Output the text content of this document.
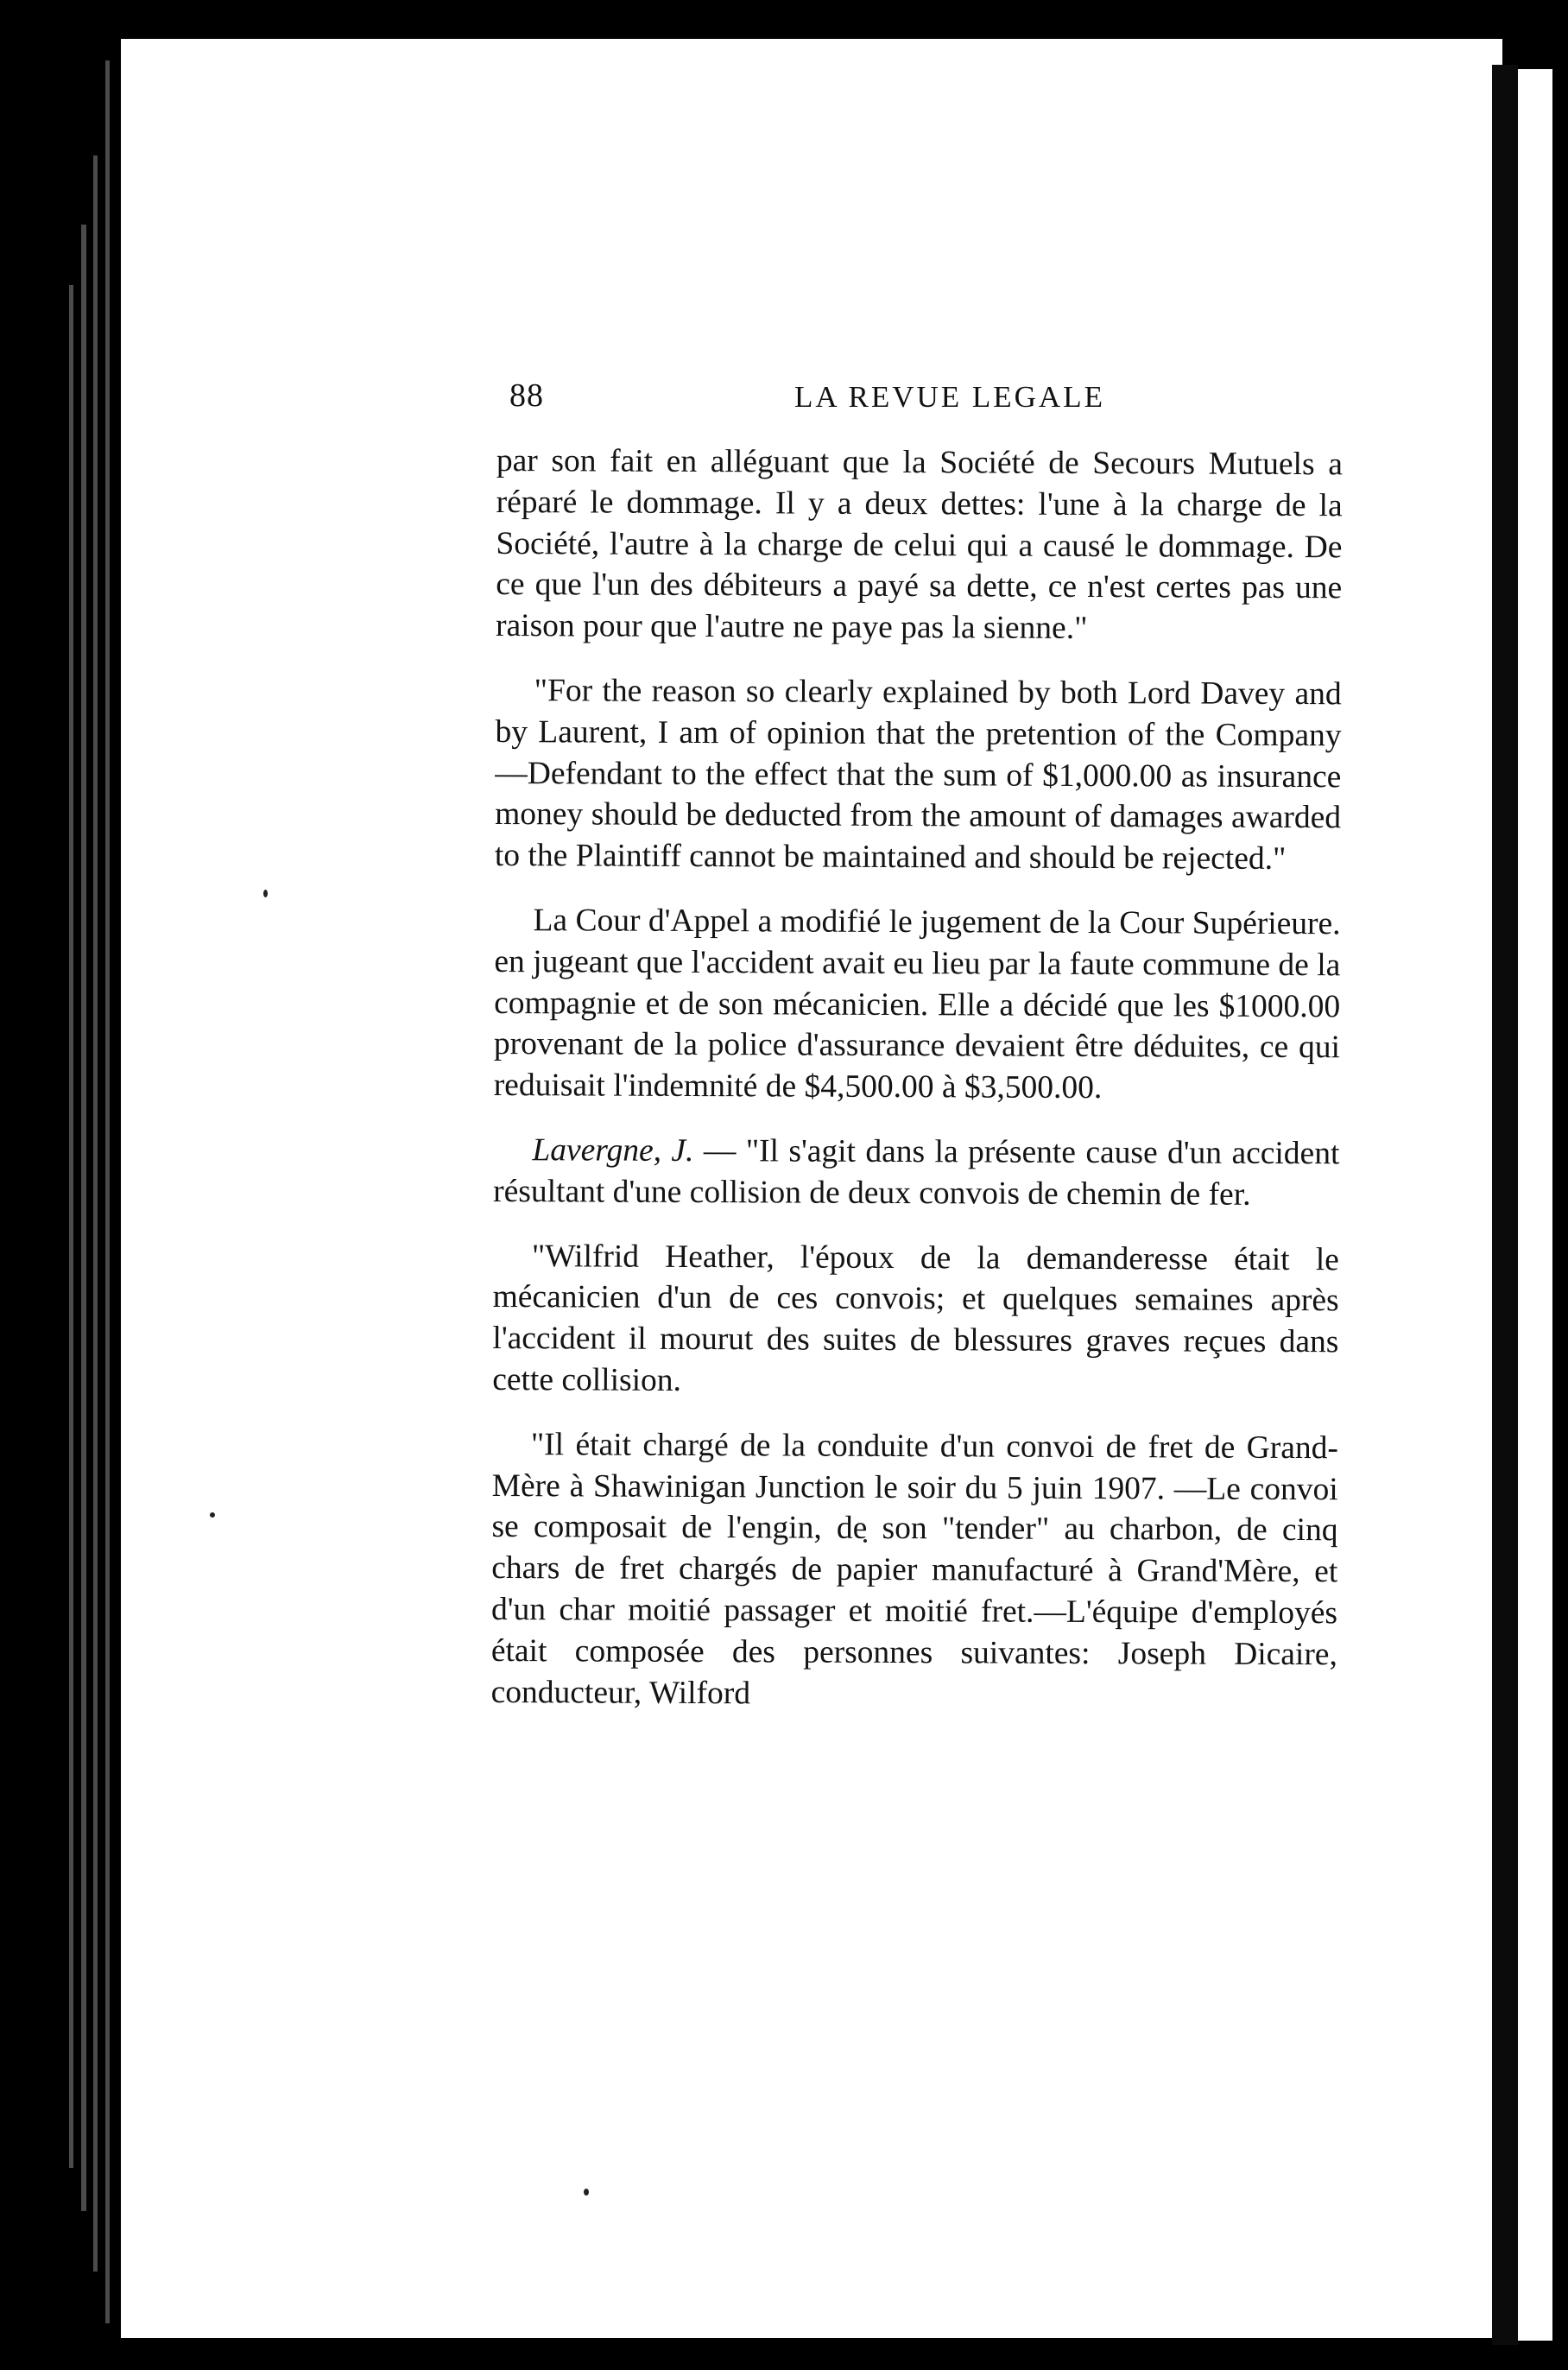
88	LA REVUE LEGALE

par son fait en alléguant que la Société de Secours Mutuels a réparé le dommage. Il y a deux dettes: l'une à la charge de la Société, l'autre à la charge de celui qui a causé le dommage. De ce que l'un des débiteurs a payé sa dette, ce n'est certes pas une raison pour que l'autre ne paye pas la sienne."

"For the reason so clearly explained by both Lord Davey and by Laurent, I am of opinion that the pretention of the Company—Defendant to the effect that the sum of $1,000.00 as insurance money should be deducted from the amount of damages awarded to the Plaintiff cannot be maintained and should be rejected."

La Cour d'Appel a modifié le jugement de la Cour Supérieure. en jugeant que l'accident avait eu lieu par la faute commune de la compagnie et de son mécanicien. Elle a décidé que les $1000.00 provenant de la police d'assurance devaient être déduites, ce qui reduisait l'indemnité de $4,500.00 à $3,500.00.

Lavergne, J. — "Il s'agit dans la présente cause d'un accident résultant d'une collision de deux convois de chemin de fer.

"Wilfrid Heather, l'époux de la demanderesse était le mécanicien d'un de ces convois; et quelques semaines après l'accident il mourut des suites de blessures graves reçues dans cette collision.

"Il était chargé de la conduite d'un convoi de fret de Grand-Mère à Shawinigan Junction le soir du 5 juin 1907. —Le convoi se composait de l'engin, de son "tender" au charbon, de cinq chars de fret chargés de papier manufacturé à Grand'Mère, et d'un char moitié passager et moitié fret.—L'équipe d'employés était composée des personnes suivantes: Joseph Dicaire, conducteur, Wilford
